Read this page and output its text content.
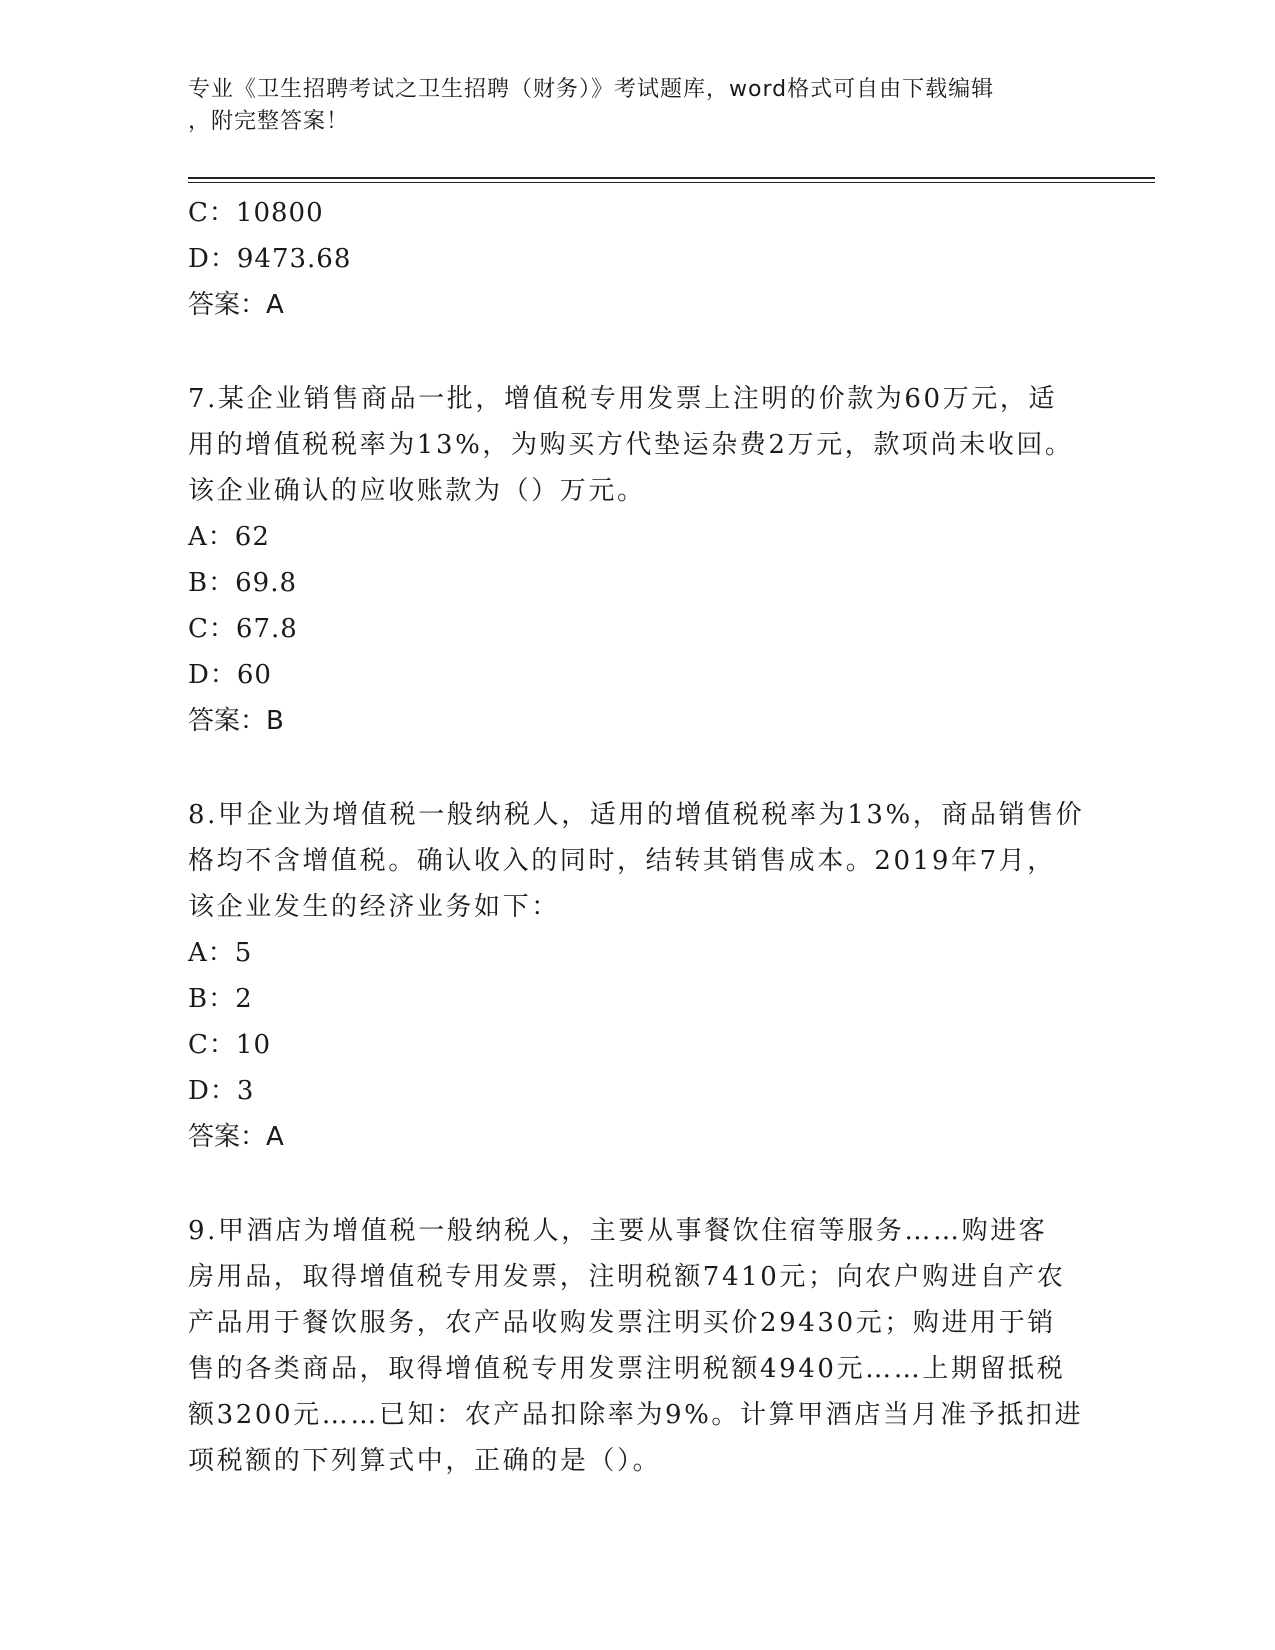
专业《卫生招聘考试之卫生招聘（财务）》考试题库，word格式可自由下载编辑
，附完整答案！
C：10800
D：9473.68
答案：A
7.某企业销售商品一批，增值税专用发票上注明的价款为60万元，适
用的增值税税率为13%，为购买方代垫运杂费2万元，款项尚未收回。
该企业确认的应收账款为（）万元。
A：62
B：69.8
C：67.8
D：60
答案：B
8.甲企业为增值税一般纳税人，适用的增值税税率为13%，商品销售价
格均不含增值税。确认收入的同时，结转其销售成本。2019年7月，
该企业发生的经济业务如下：
A：5
B：2
C：10
D：3
答案：A
9.甲酒店为增值税一般纳税人，主要从事餐饮住宿等服务……购进客
房用品，取得增值税专用发票，注明税额7410元；向农户购进自产农
产品用于餐饮服务，农产品收购发票注明买价29430元；购进用于销
售的各类商品，取得增值税专用发票注明税额4940元……上期留抵税
额3200元……已知：农产品扣除率为9%。计算甲酒店当月准予抵扣进
项税额的下列算式中，正确的是（）。
